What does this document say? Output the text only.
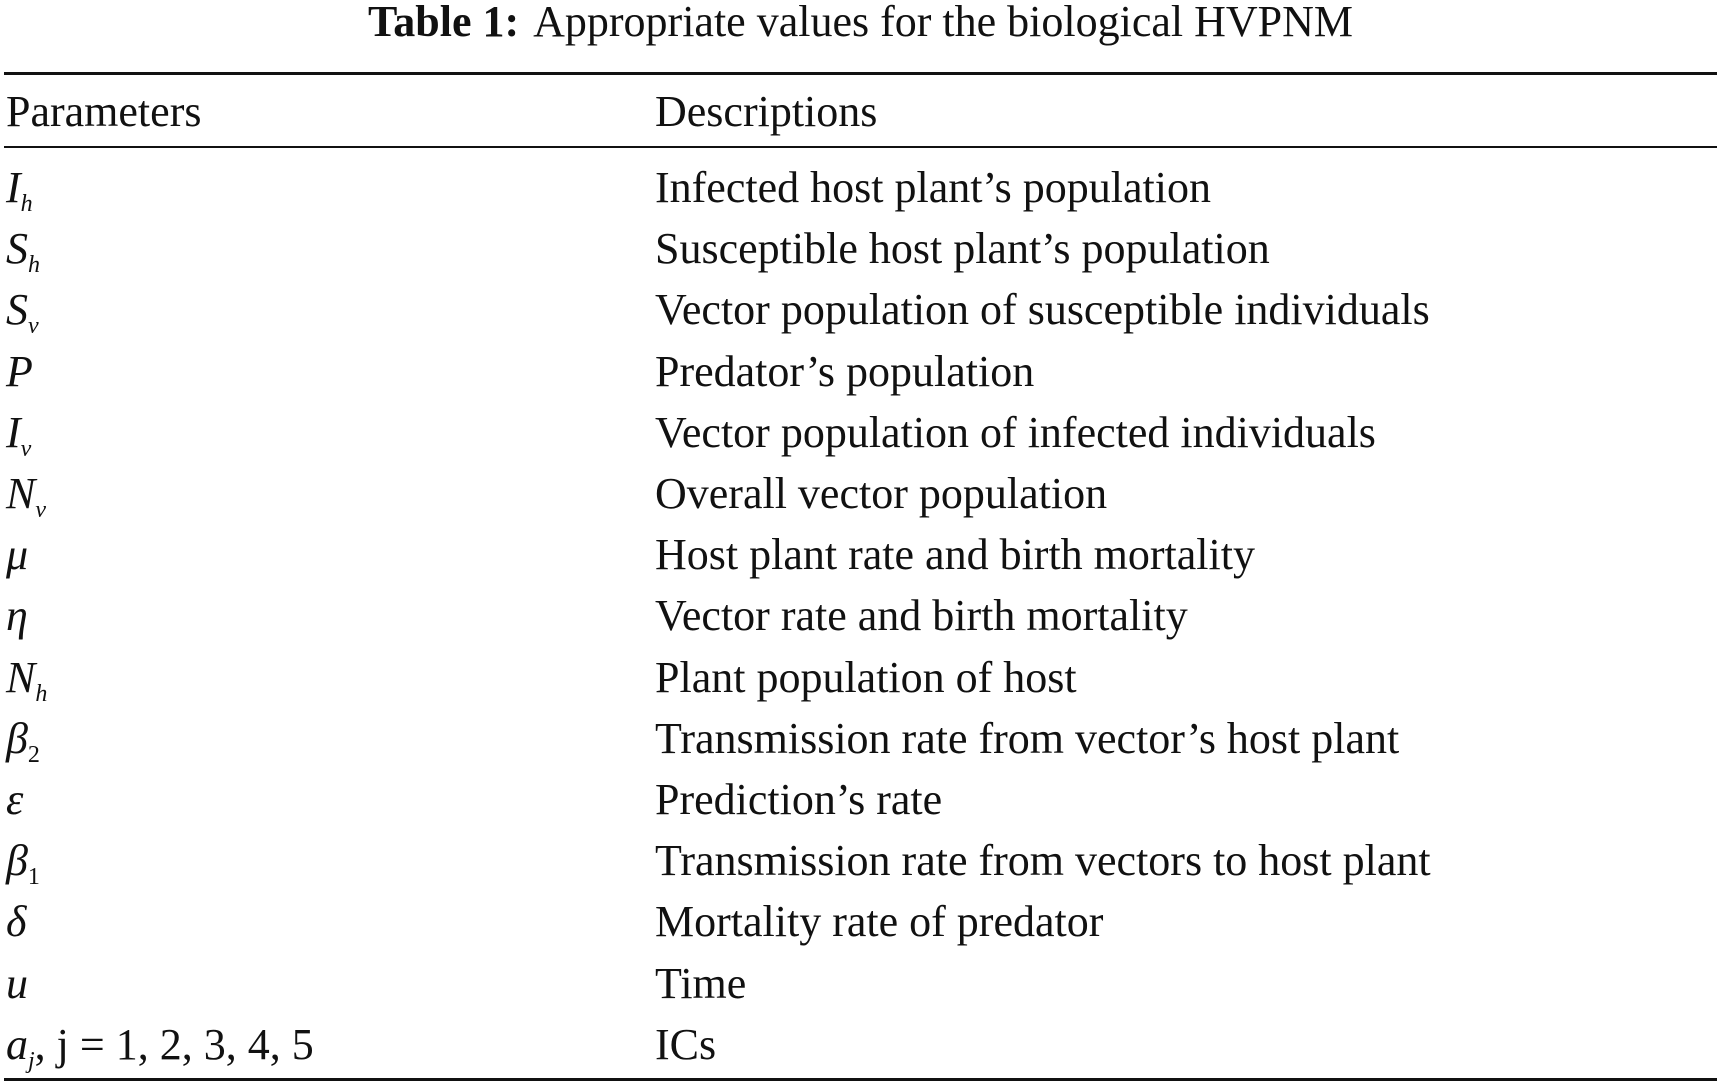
Table 1: Appropriate values for the biological HVPNM
Parameters	Descriptions
$I_h$	Infected host plant’s population
$S_h$	Susceptible host plant’s population
$S_v$	Vector population of susceptible individuals
P	Predator’s population
$I_v$	Vector population of infected individuals
$N_v$	Overall vector population
μ	Host plant rate and birth mortality
η	Vector rate and birth mortality
$N_h$	Plant population of host
$\beta_2$	Transmission rate from vector’s host plant
ε	Prediction’s rate
$\beta_1$	Transmission rate from vectors to host plant
δ	Mortality rate of predator
u	Time
$a_j$, j = 1, 2, 3, 4, 5	ICs
